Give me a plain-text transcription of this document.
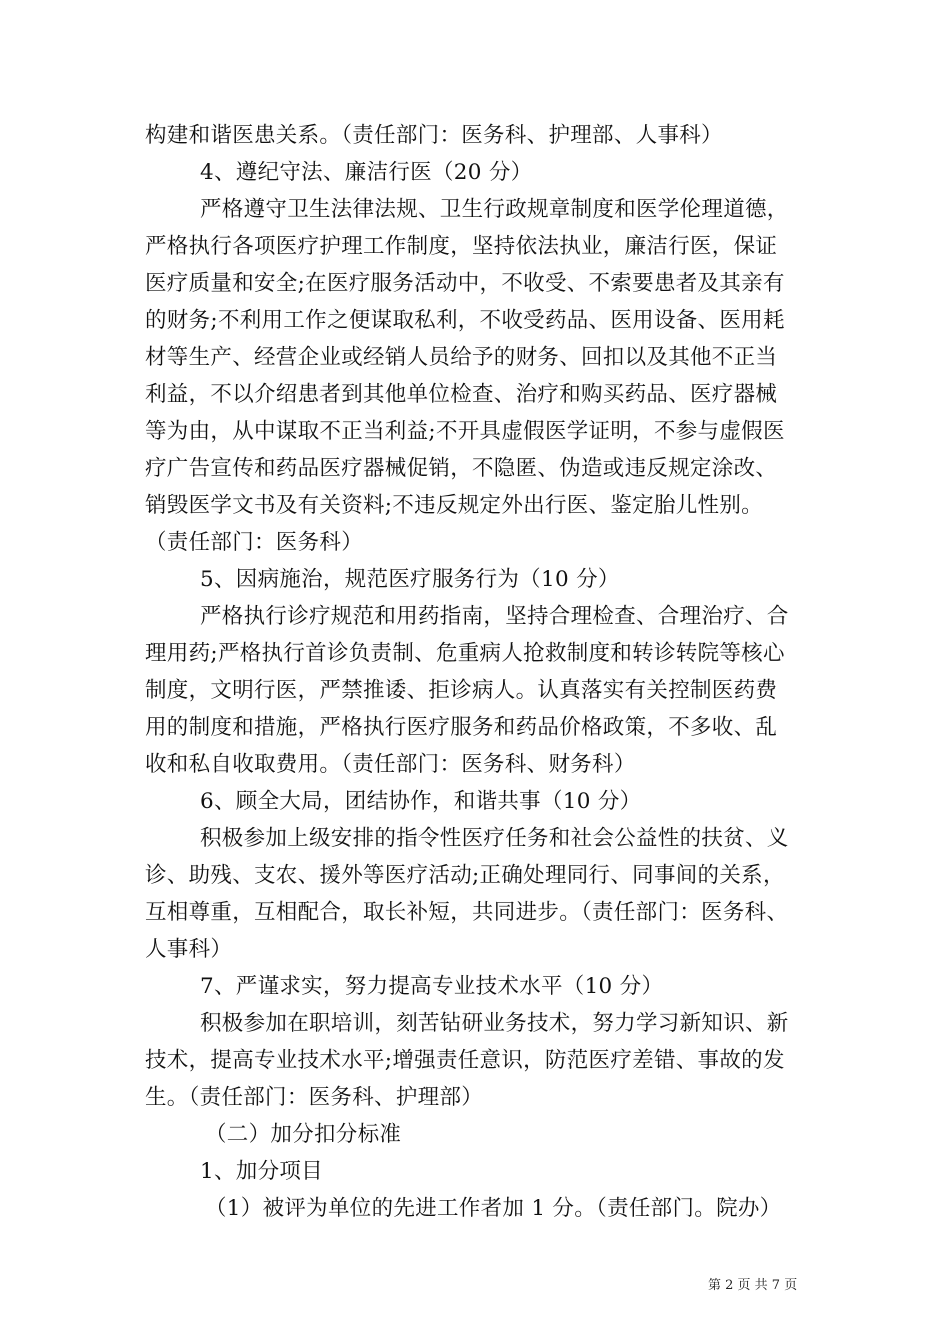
构建和谐医患关系。（责任部门：医务科、护理部、人事科）
4、遵纪守法、廉洁行医（20 分）
严格遵守卫生法律法规、卫生行政规章制度和医学伦理道德，
严格执行各项医疗护理工作制度，坚持依法执业，廉洁行医，保证
医疗质量和安全;在医疗服务活动中，不收受、不索要患者及其亲有
的财务;不利用工作之便谋取私利，不收受药品、医用设备、医用耗
材等生产、经营企业或经销人员给予的财务、回扣以及其他不正当
利益，不以介绍患者到其他单位检查、治疗和购买药品、医疗器械
等为由，从中谋取不正当利益;不开具虚假医学证明，不参与虚假医
疗广告宣传和药品医疗器械促销，不隐匿、伪造或违反规定涂改、
销毁医学文书及有关资料;不违反规定外出行医、鉴定胎儿性别。
（责任部门：医务科）
5、因病施治，规范医疗服务行为（10 分）
严格执行诊疗规范和用药指南，坚持合理检查、合理治疗、合
理用药;严格执行首诊负责制、危重病人抢救制度和转诊转院等核心
制度，文明行医，严禁推诿、拒诊病人。认真落实有关控制医药费
用的制度和措施，严格执行医疗服务和药品价格政策，不多收、乱
收和私自收取费用。（责任部门：医务科、财务科）
6、顾全大局，团结协作，和谐共事（10 分）
积极参加上级安排的指令性医疗任务和社会公益性的扶贫、义
诊、助残、支农、援外等医疗活动;正确处理同行、同事间的关系，
互相尊重，互相配合，取长补短，共同进步。（责任部门：医务科、
人事科）
7、严谨求实，努力提高专业技术水平（10 分）
积极参加在职培训，刻苦钻研业务技术，努力学习新知识、新
技术，提高专业技术水平;增强责任意识，防范医疗差错、事故的发
生。（责任部门：医务科、护理部）
（二）加分扣分标准
1、加分项目
（1）被评为单位的先进工作者加 1 分。（责任部门。院办）
第 2 页 共 7 页
